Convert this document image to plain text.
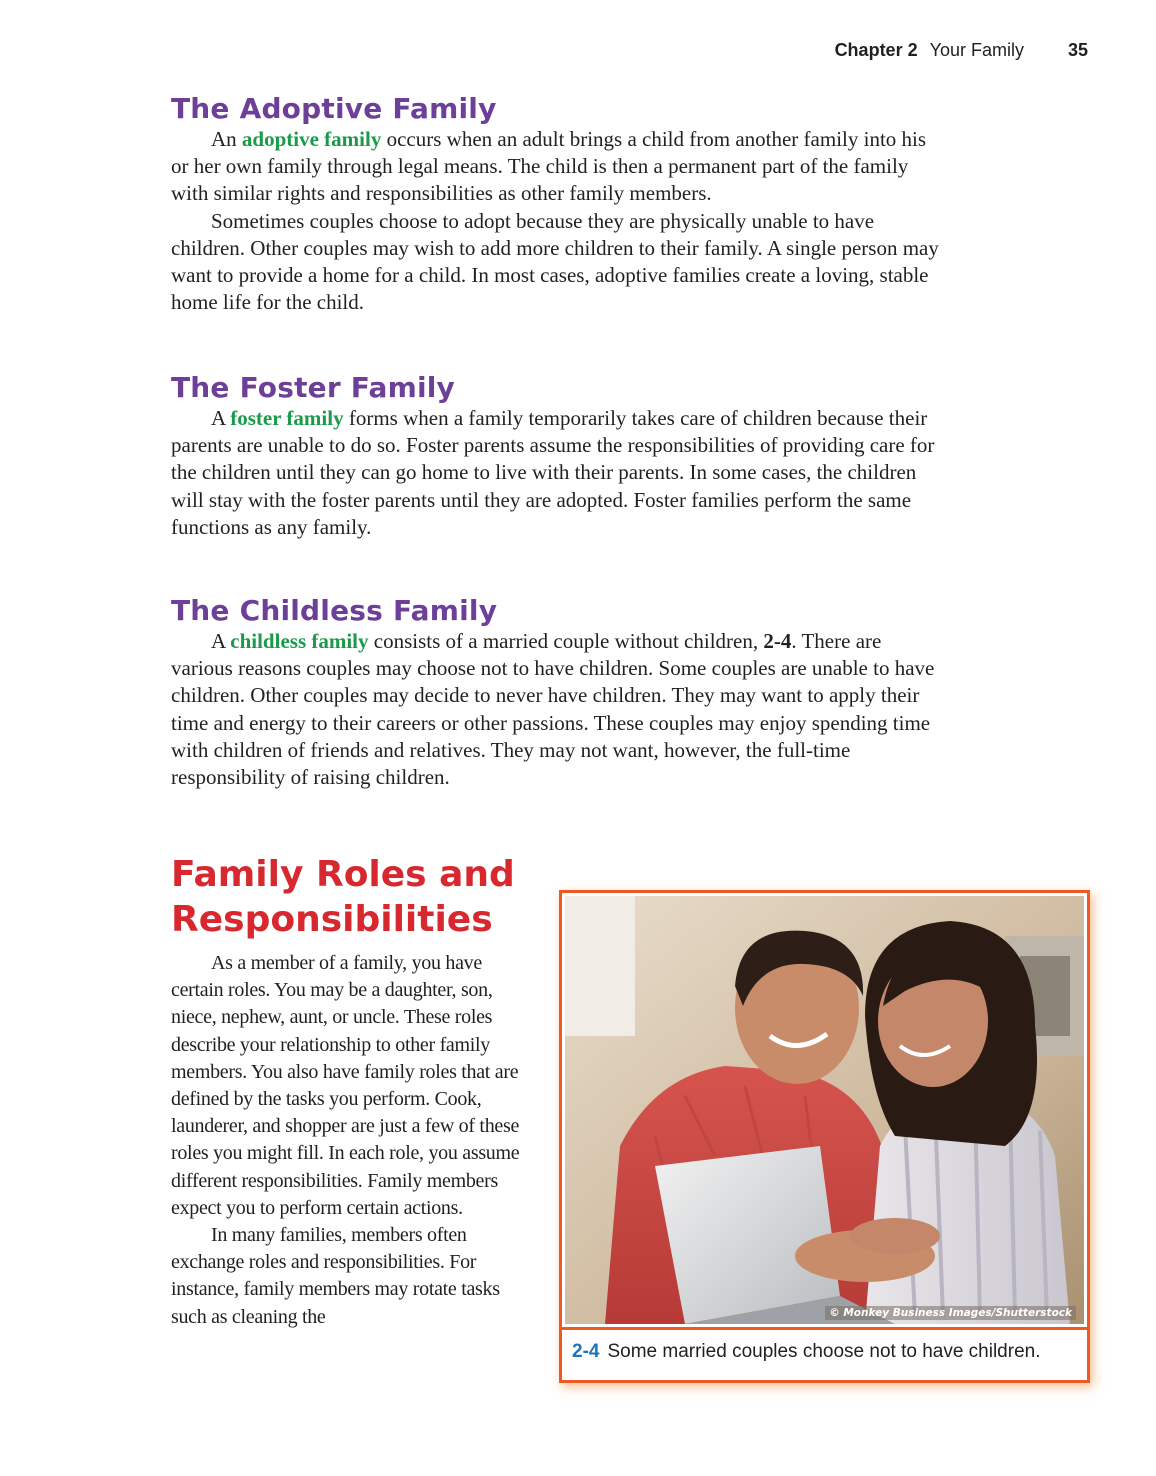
Chapter 2 Your Family 35
The Adoptive Family

An adoptive family occurs when an adult brings a child from another family into his or her own family through legal means. The child is then a permanent part of the family with similar rights and responsibilities as other family members.

Sometimes couples choose to adopt because they are physically unable to have children. Other couples may wish to add more children to their family. A single person may want to provide a home for a child. In most cases, adoptive families create a loving, stable home life for the child.

The Foster Family

A foster family forms when a family temporarily takes care of children because their parents are unable to do so. Foster parents assume the responsibilities of providing care for the children until they can go home to live with their parents. In some cases, the children will stay with the foster parents until they are adopted. Foster families perform the same functions as any family.

The Childless Family

A childless family consists of a married couple without children, 2-4. There are various reasons couples may choose not to have children. Some couples are unable to have children. Other couples may decide to never have children. They may want to apply their time and energy to their careers or other passions. These couples may enjoy spending time with children of friends and relatives. They may not want, however, the full-time responsibility of raising children.

Family Roles and
Responsibilities

As a member of a family, you have certain roles. You may be a daughter, son, niece, nephew, aunt, or uncle. These roles describe your relationship to other family members. You also have family roles that are defined by the tasks you perform. Cook, launderer, and shopper are just a few of these roles you might fill. In each role, you assume different responsibilities. Family members expect you to perform certain actions.

In many families, members often exchange roles and responsibilities. For instance, family members may rotate tasks such as cleaning the	© Monkey Business Images/Shutterstock
2-4 Some married couples choose not to have children.
